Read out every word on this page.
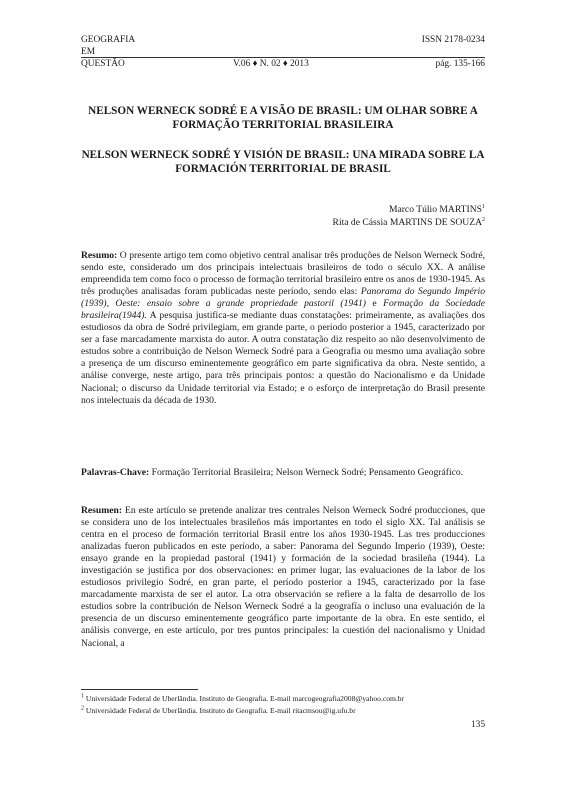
GEOGRAFIA	ISSN 2178-0234
EM
QUESTÃO	V.06 ♦ N. 02 ♦ 2013	pág. 135-166
NELSON WERNECK SODRÉ E A VISÃO DE BRASIL: UM OLHAR SOBRE A FORMAÇÃO TERRITORIAL BRASILEIRA
NELSON WERNECK SODRÉ Y VISIÓN DE BRASIL: UNA MIRADA SOBRE LA FORMACIÓN TERRITORIAL DE BRASIL
Marco Túlio MARTINS$^1$
Rita de Cássia MARTINS DE SOUZA$^2$
Resumo: O presente artigo tem como objetivo central analisar três produções de Nelson Werneck Sodré, sendo este, considerado um dos principais intelectuais brasileiros de todo o século XX. A análise empreendida tem como foco o processo de formação territorial brasileiro entre os anos de 1930-1945. As três produções analisadas foram publicadas neste período, sendo elas: Panorama do Segundo Império (1939), Oeste: ensaio sobre a grande propriedade pastoril (1941) e Formação da Sociedade brasileira(1944). A pesquisa justifica-se mediante duas constatações: primeiramente, as avaliações dos estudiosos da obra de Sodré privilegiam, em grande parte, o período posterior a 1945, caracterizado por ser a fase marcadamente marxista do autor. A outra constatação diz respeito ao não desenvolvimento de estudos sobre a contribuição de Nelson Werneck Sodré para a Geografia ou mesmo uma avaliação sobre a presença de um discurso eminentemente geográfico em parte significativa da obra. Neste sentido, a análise converge, neste artigo, para três principais pontos: a questão do Nacionalismo e da Unidade Nacional; o discurso da Unidade territorial via Estado; e o esforço de interpretação do Brasil presente nos intelectuais da década de 1930.
Palavras-Chave: Formação Territorial Brasileira; Nelson Werneck Sodré; Pensamento Geográfico.
Resumen: En este artículo se pretende analizar tres centrales Nelson Werneck Sodré producciones, que se considera uno de los intelectuales brasileños más importantes en todo el siglo XX. Tal análisis se centra en el proceso de formación territorial Brasil entre los años 1930-1945. Las tres producciones analizadas fueron publicados en este período, a saber: Panorama del Segundo Imperio (1939), Oeste: ensayo grande en la propiedad pastoral (1941) y formación de la sociedad brasileña (1944). La investigación se justifica por dos observaciones: en primer lugar, las evaluaciones de la labor de los estudiosos privilegio Sodré, en gran parte, el período posterior a 1945, caracterizado por la fase marcadamente marxista de ser el autor. La otra observación se refiere a la falta de desarrollo de los estudios sobre la contribución de Nelson Werneck Sodré a la geografía o incluso una evaluación de la presencia de un discurso eminentemente geográfico parte importante de la obra. En este sentido, el análisis converge, en este artículo, por tres puntos principales: la cuestión del nacionalismo y Unidad Nacional, a
$^1$ Universidade Federal de Uberlândia. Instituto de Geografia. E-mail marcogeografia2008@yahoo.com.br
$^2$ Universidade Federal de Uberlândia. Instituto de Geografia. E-mail ritacmsou@ig.ufu.br
135
